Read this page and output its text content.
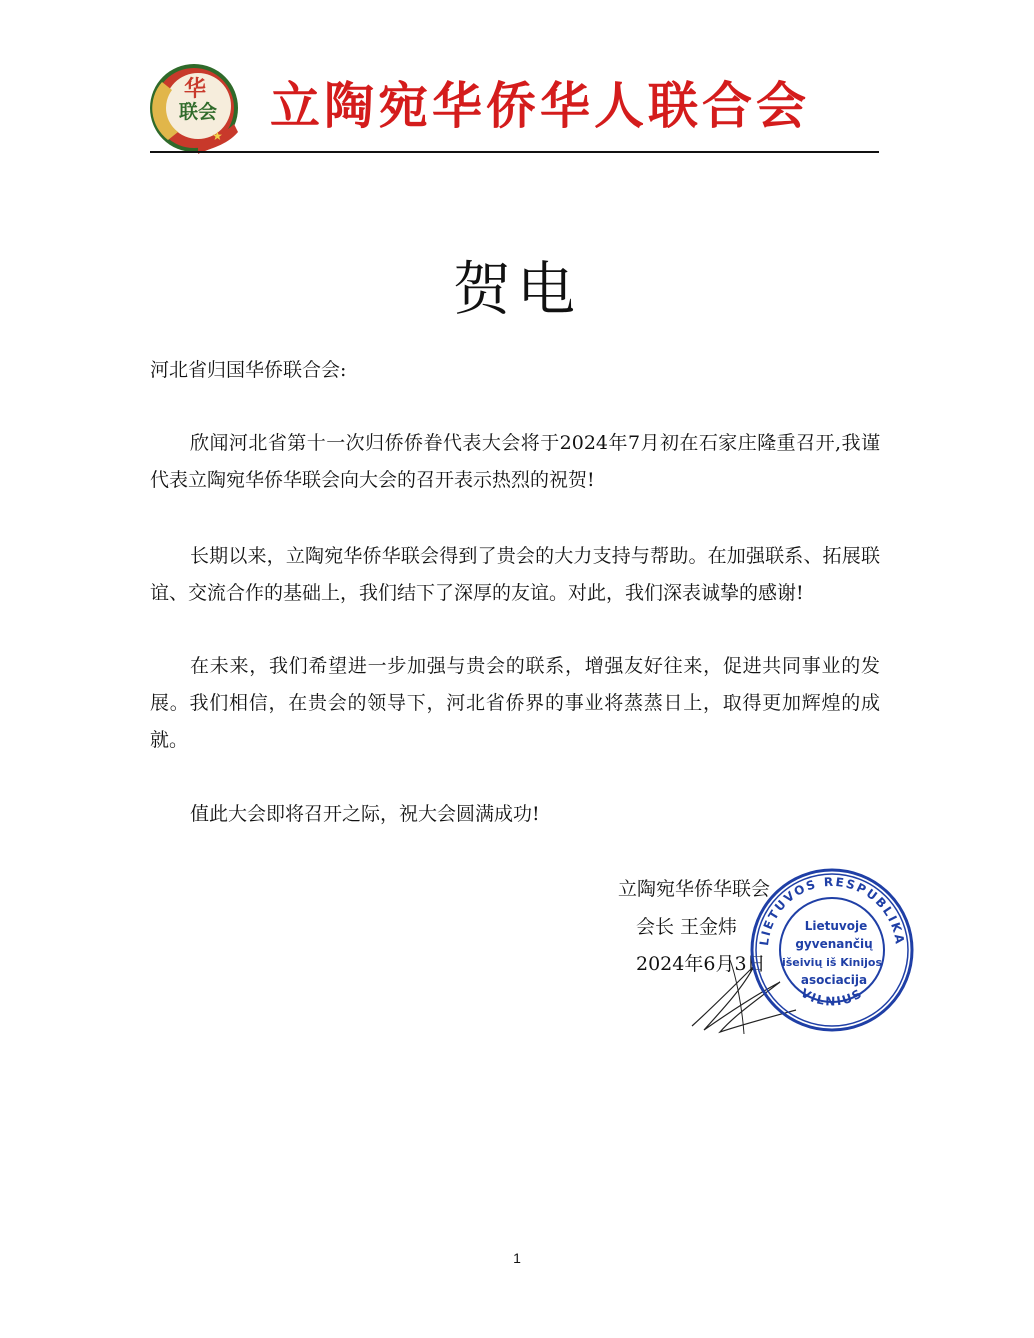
华
联会
★
立陶宛华侨华人联合会
贺电
河北省归国华侨联合会:
欣闻河北省第十一次归侨侨眷代表大会将于2024年7月初在石家庄隆重召开,我谨代表立陶宛华侨华联会向大会的召开表示热烈的祝贺!
长期以来，立陶宛华侨华联会得到了贵会的大力支持与帮助。在加强联系、拓展联谊、交流合作的基础上，我们结下了深厚的友谊。对此，我们深表诚挚的感谢!
在未来，我们希望进一步加强与贵会的联系，增强友好往来，促进共同事业的发展。我们相信，在贵会的领导下，河北省侨界的事业将蒸蒸日上，取得更加辉煌的成就。
值此大会即将召开之际，祝大会圆满成功!
立陶宛华侨华联会
会长 王金炜
2024年6月3日
LIETUVOS RESPUBLIKA
VILNIUS
Lietuvoje
gyvenančių
išeivių iš Kinijos
asociacija
1
